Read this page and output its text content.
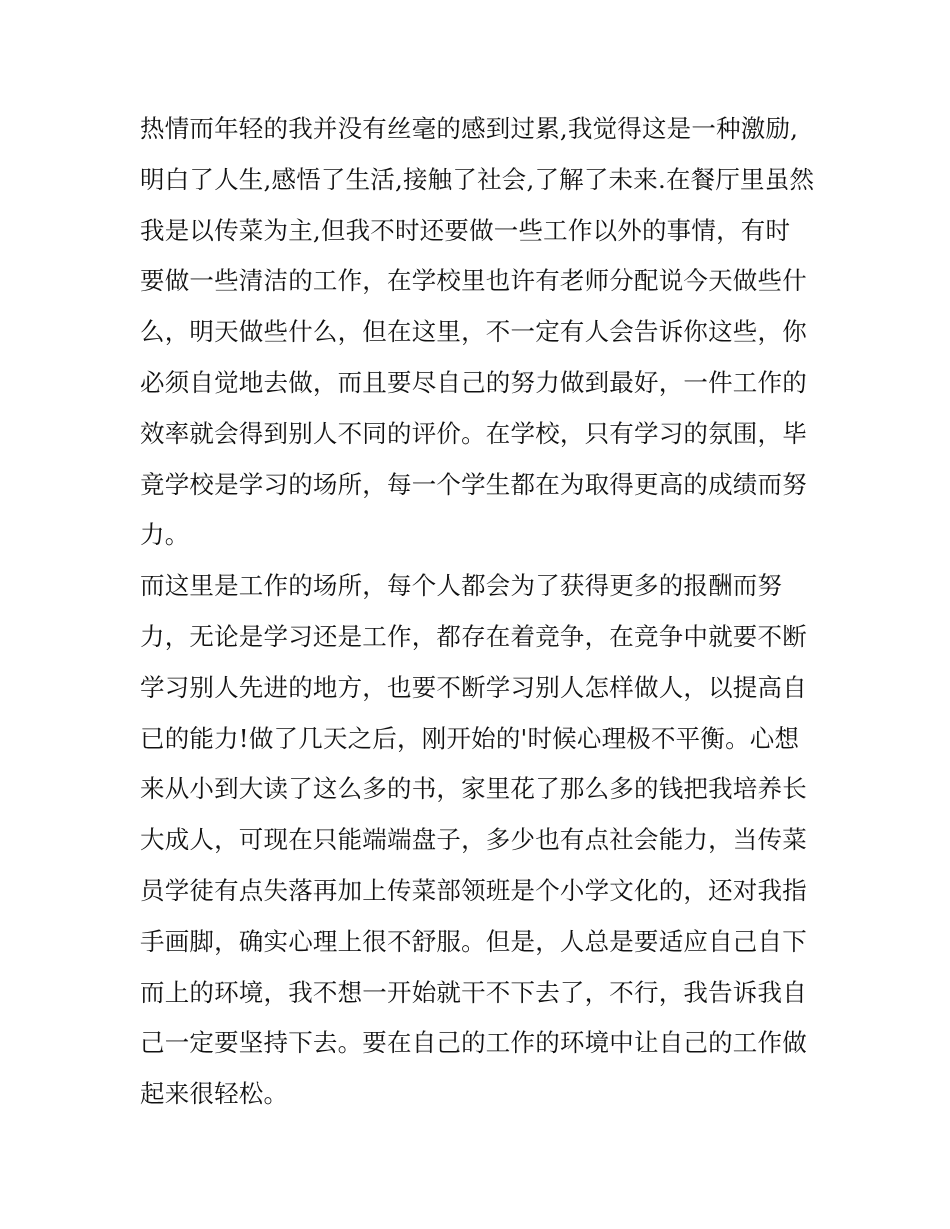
热情而年轻的我并没有丝毫的感到过累,我觉得这是一种激励,
明白了人生,感悟了生活,接触了社会,了解了未来.在餐厅里虽然
我是以传菜为主,但我不时还要做一些工作以外的事情，有时
要做一些清洁的工作，在学校里也许有老师分配说今天做些什
么，明天做些什么，但在这里，不一定有人会告诉你这些，你
必须自觉地去做，而且要尽自己的努力做到最好，一件工作的
效率就会得到别人不同的评价。在学校，只有学习的氛围，毕
竟学校是学习的场所，每一个学生都在为取得更高的成绩而努
力。
而这里是工作的场所，每个人都会为了获得更多的报酬而努
力，无论是学习还是工作，都存在着竞争，在竞争中就要不断
学习别人先进的地方，也要不断学习别人怎样做人，以提高自
已的能力!做了几天之后，刚开始的'时候心理极不平衡。心想
来从小到大读了这么多的书，家里花了那么多的钱把我培养长
大成人，可现在只能端端盘子，多少也有点社会能力，当传菜
员学徒有点失落再加上传菜部领班是个小学文化的，还对我指
手画脚，确实心理上很不舒服。但是，人总是要适应自己自下
而上的环境，我不想一开始就干不下去了，不行，我告诉我自
己一定要坚持下去。要在自己的工作的环境中让自己的工作做
起来很轻松。
